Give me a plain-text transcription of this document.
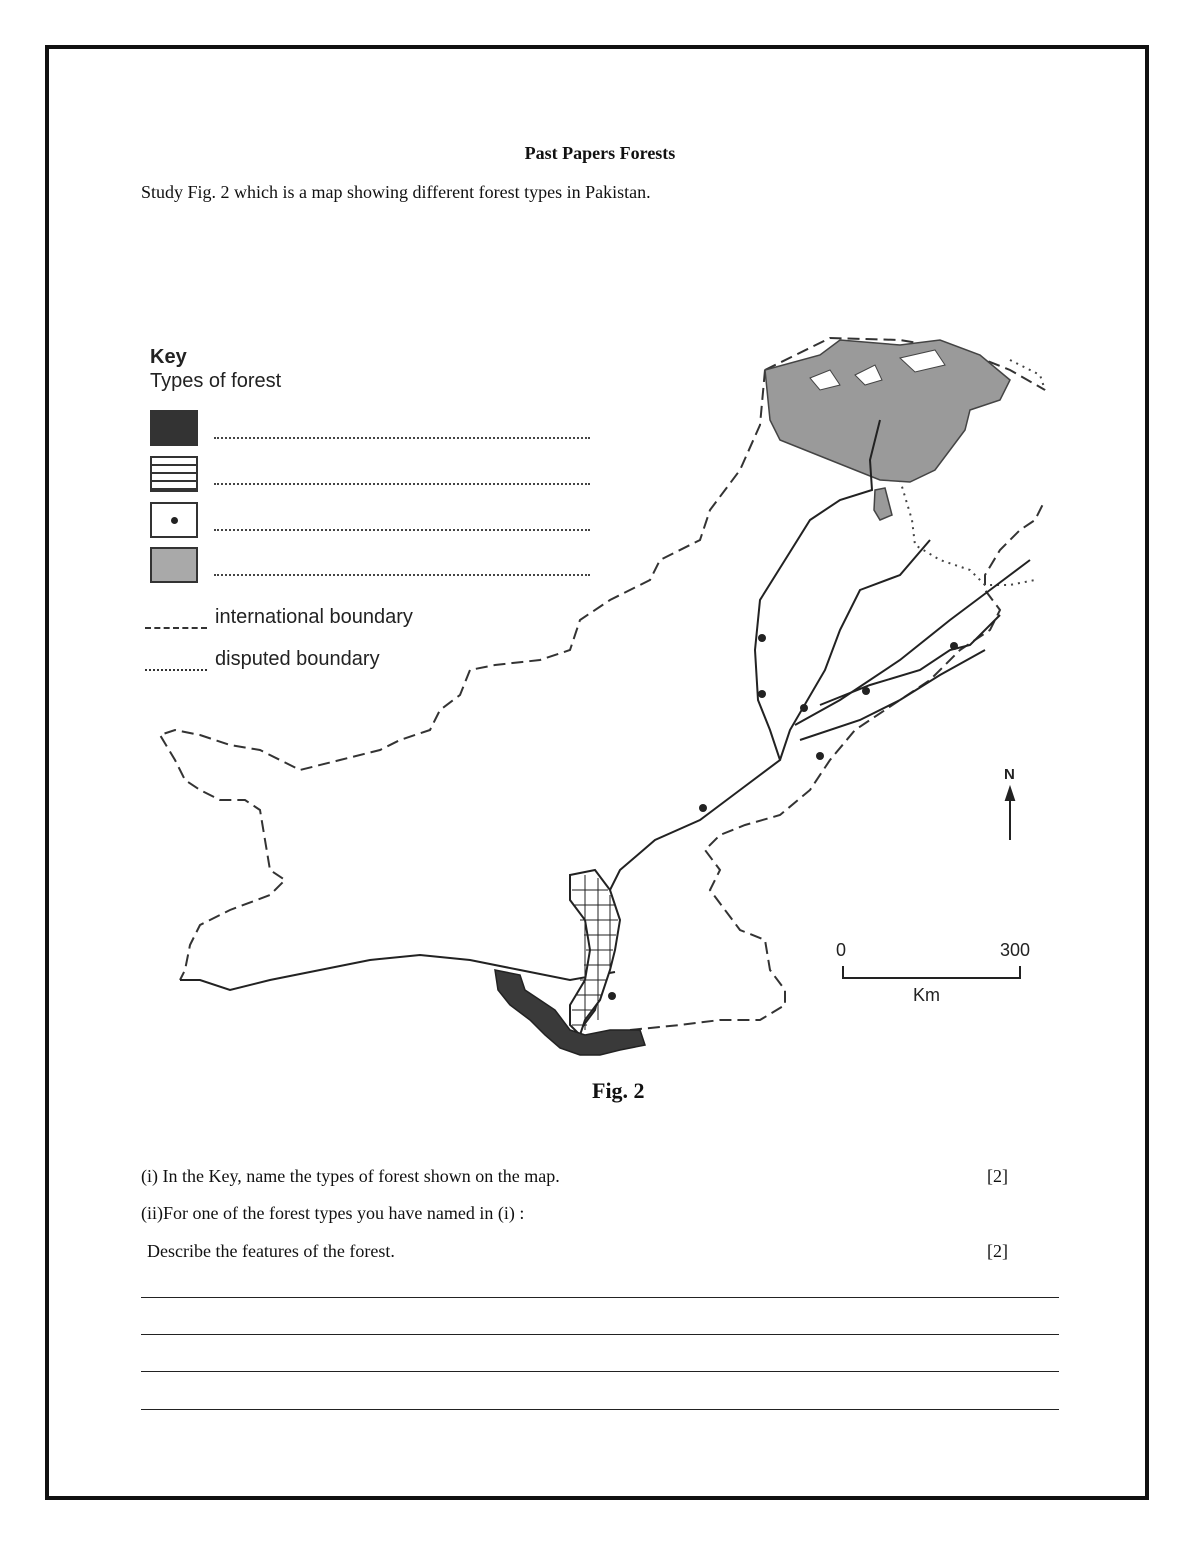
Past Papers Forests
Study Fig. 2 which is a map showing different forest types in Pakistan.
Key
Types of forest
international boundary
disputed boundary
0	300
Km
N
Fig. 2
(i) In the Key, name the types of forest shown on the map.	[2]
(ii)For one of the forest types you have named in (i) :
Describe the features of the forest.	[2]
